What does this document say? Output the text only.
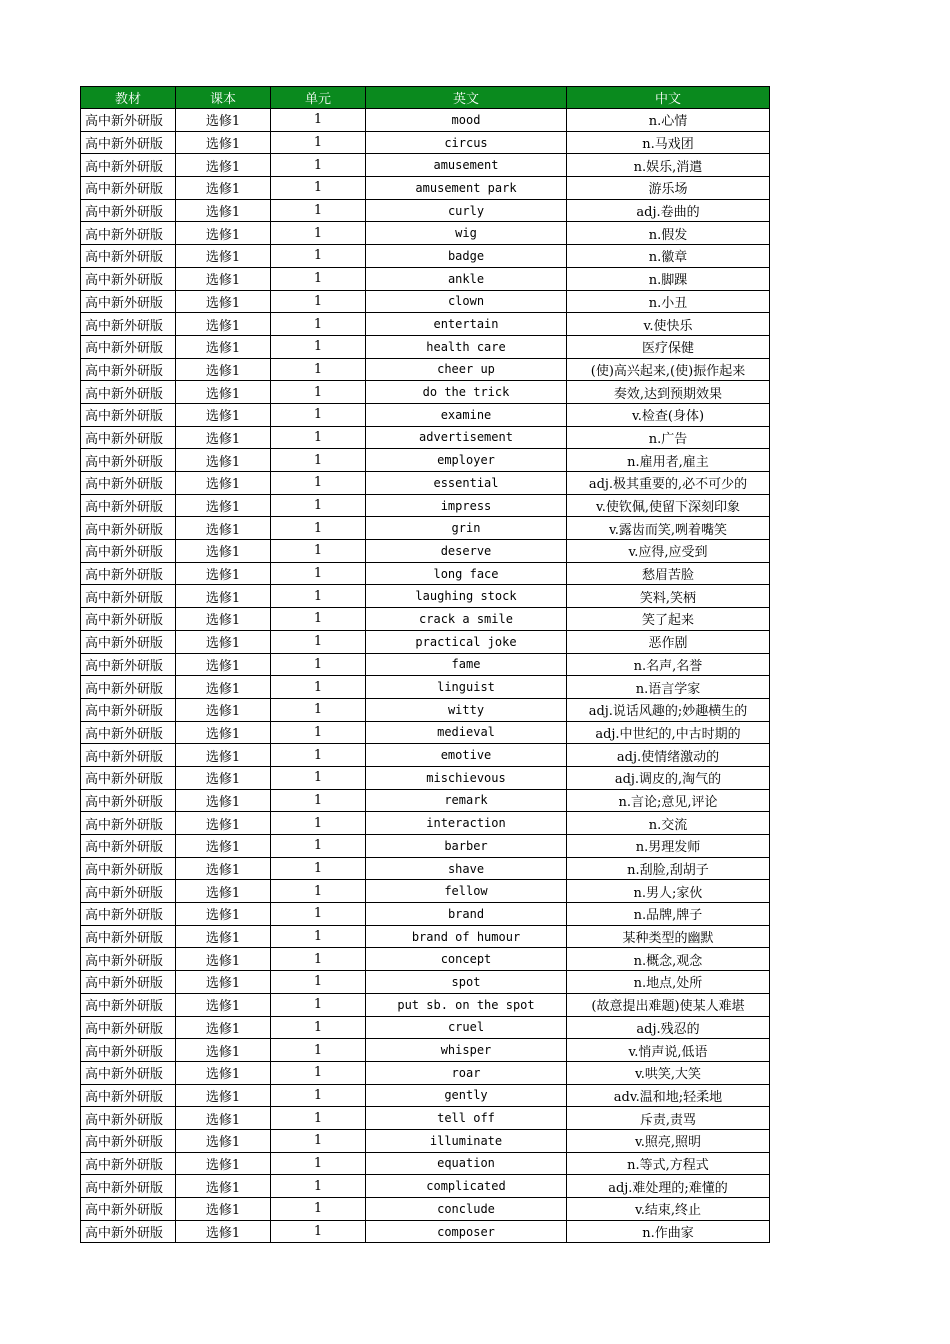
教材	课本	单元	英文	中文
高中新外研版	选修1	1	mood	n.心情
高中新外研版	选修1	1	circus	n.马戏团
高中新外研版	选修1	1	amusement	n.娱乐,消遣
高中新外研版	选修1	1	amusement park	游乐场
高中新外研版	选修1	1	curly	adj.卷曲的
高中新外研版	选修1	1	wig	n.假发
高中新外研版	选修1	1	badge	n.徽章
高中新外研版	选修1	1	ankle	n.脚踝
高中新外研版	选修1	1	clown	n.小丑
高中新外研版	选修1	1	entertain	v.使快乐
高中新外研版	选修1	1	health care	医疗保健
高中新外研版	选修1	1	cheer up	(使)高兴起来,(使)振作起来
高中新外研版	选修1	1	do the trick	奏效,达到预期效果
高中新外研版	选修1	1	examine	v.检查(身体)
高中新外研版	选修1	1	advertisement	n.广告
高中新外研版	选修1	1	employer	n.雇用者,雇主
高中新外研版	选修1	1	essential	adj.极其重要的,必不可少的
高中新外研版	选修1	1	impress	v.使钦佩,使留下深刻印象
高中新外研版	选修1	1	grin	v.露齿而笑,咧着嘴笑
高中新外研版	选修1	1	deserve	v.应得,应受到
高中新外研版	选修1	1	long face	愁眉苦脸
高中新外研版	选修1	1	laughing stock	笑料,笑柄
高中新外研版	选修1	1	crack a smile	笑了起来
高中新外研版	选修1	1	practical joke	恶作剧
高中新外研版	选修1	1	fame	n.名声,名誉
高中新外研版	选修1	1	linguist	n.语言学家
高中新外研版	选修1	1	witty	adj.说话风趣的;妙趣横生的
高中新外研版	选修1	1	medieval	adj.中世纪的,中古时期的
高中新外研版	选修1	1	emotive	adj.使情绪激动的
高中新外研版	选修1	1	mischievous	adj.调皮的,淘气的
高中新外研版	选修1	1	remark	n.言论;意见,评论
高中新外研版	选修1	1	interaction	n.交流
高中新外研版	选修1	1	barber	n.男理发师
高中新外研版	选修1	1	shave	n.刮脸,刮胡子
高中新外研版	选修1	1	fellow	n.男人;家伙
高中新外研版	选修1	1	brand	n.品牌,牌子
高中新外研版	选修1	1	brand of humour	某种类型的幽默
高中新外研版	选修1	1	concept	n.概念,观念
高中新外研版	选修1	1	spot	n.地点,处所
高中新外研版	选修1	1	put sb. on the spot	(故意提出难题)使某人难堪
高中新外研版	选修1	1	cruel	adj.残忍的
高中新外研版	选修1	1	whisper	v.悄声说,低语
高中新外研版	选修1	1	roar	v.哄笑,大笑
高中新外研版	选修1	1	gently	adv.温和地;轻柔地
高中新外研版	选修1	1	tell off	斥责,责骂
高中新外研版	选修1	1	illuminate	v.照亮,照明
高中新外研版	选修1	1	equation	n.等式,方程式
高中新外研版	选修1	1	complicated	adj.难处理的;难懂的
高中新外研版	选修1	1	conclude	v.结束,终止
高中新外研版	选修1	1	composer	n.作曲家
